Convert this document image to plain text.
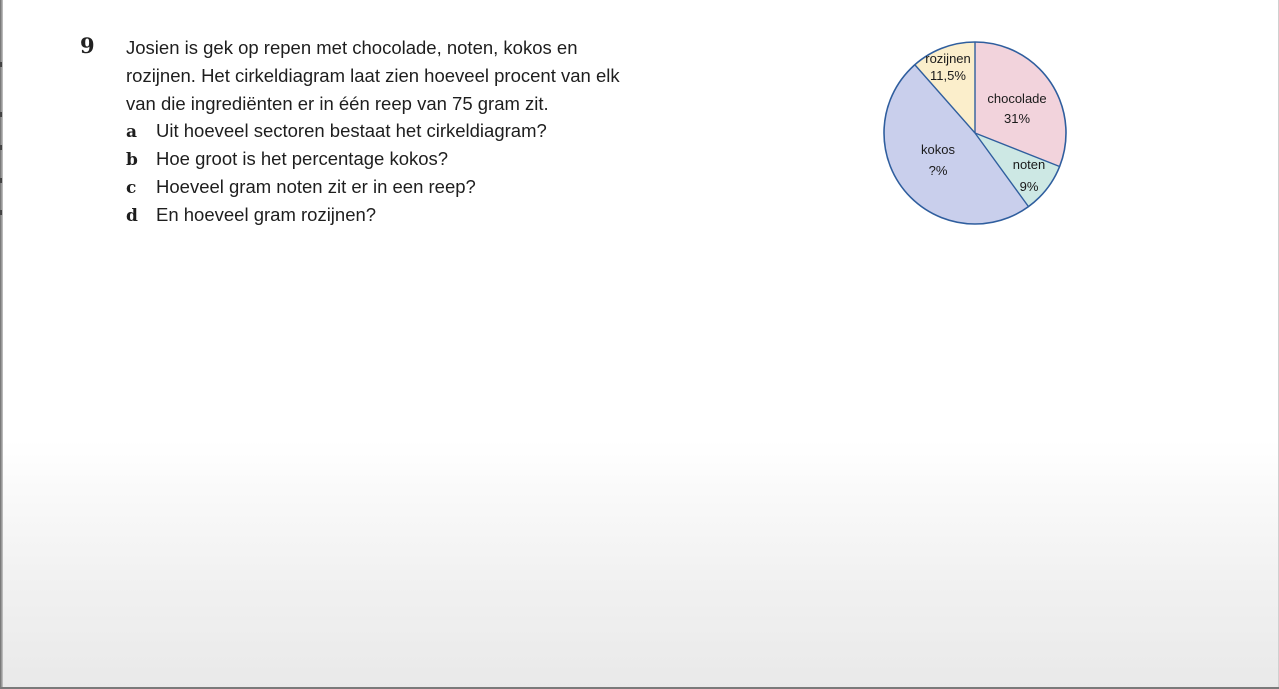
9 Josien is gek op repen met chocolade, noten, kokos en
rozijnen. Het cirkeldiagram laat zien hoeveel procent van elk
van die ingrediënten er in één reep van 75 gram zit.
a Uit hoeveel sectoren bestaat het cirkeldiagram?
b Hoe groot is het percentage kokos?
c Hoeveel gram noten zit er in een reep?
d En hoeveel gram rozijnen?
chocolade
31%
noten
9%
kokos
?%
rozijnen
11,5%
